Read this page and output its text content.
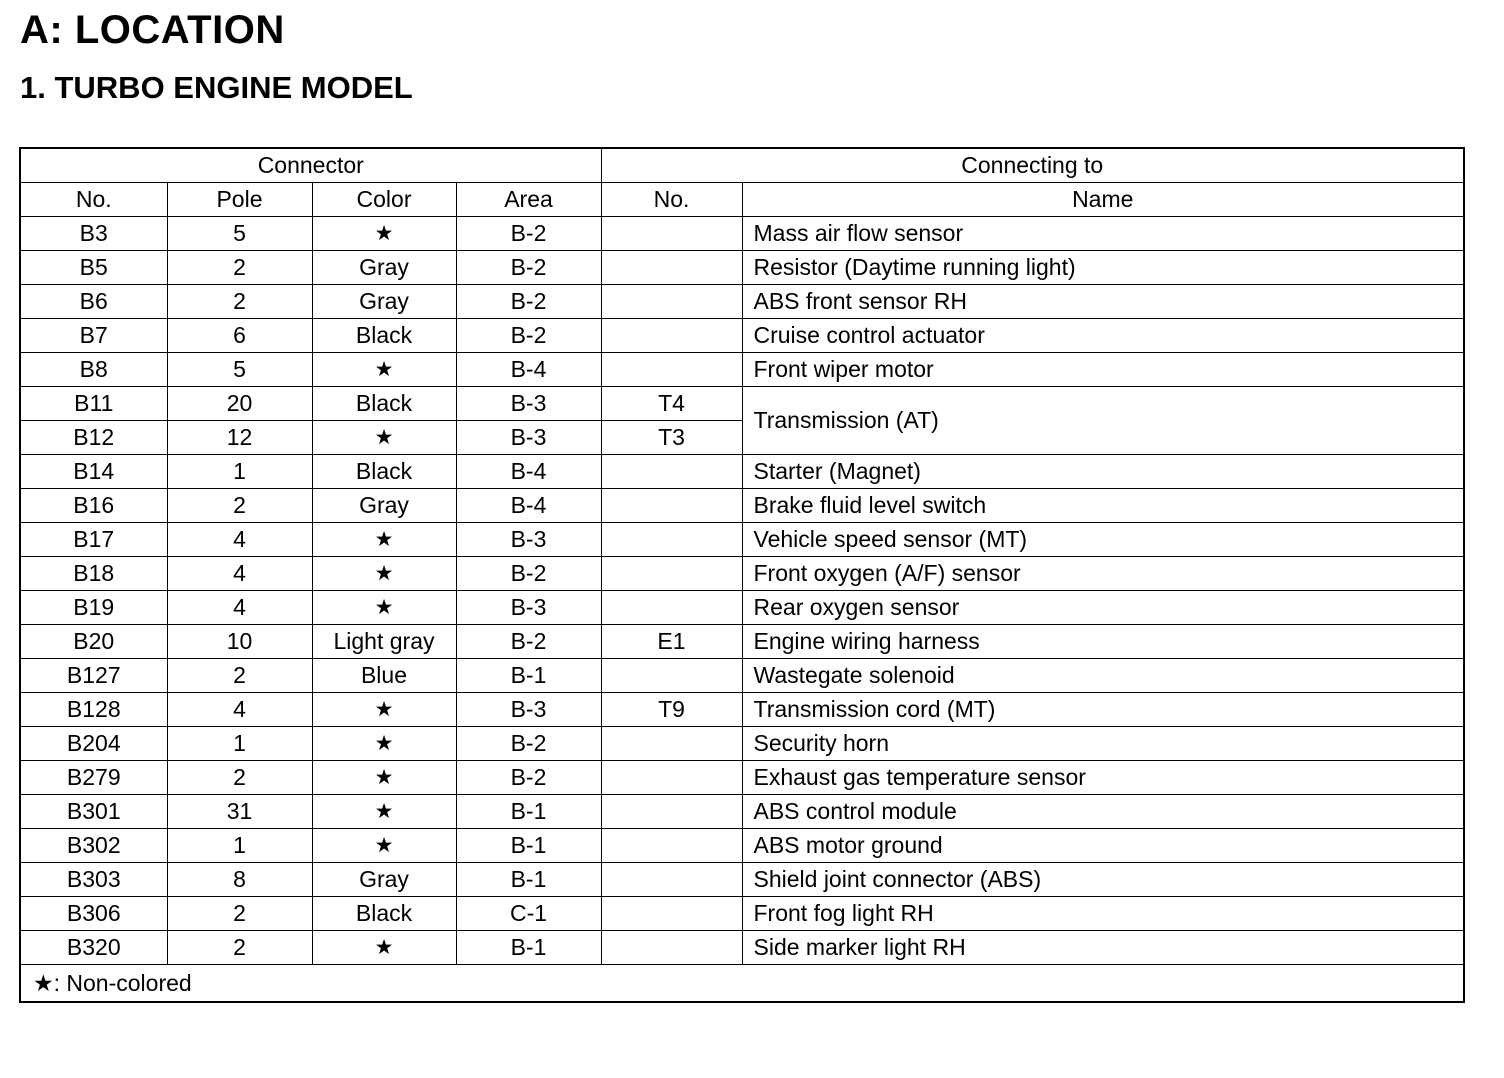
A: LOCATION
1. TURBO ENGINE MODEL
Connector				Connecting to	
No.	Pole	Color	Area	No.	Name
B3	5	★	B-2		Mass air flow sensor
B5	2	Gray	B-2		Resistor (Daytime running light)
B6	2	Gray	B-2		ABS front sensor RH
B7	6	Black	B-2		Cruise control actuator
B8	5	★	B-4		Front wiper motor
B11	20	Black	B-3	T4	Transmission (AT)
B12	12	★	B-3	T3	
B14	1	Black	B-4		Starter (Magnet)
B16	2	Gray	B-4		Brake fluid level switch
B17	4	★	B-3		Vehicle speed sensor (MT)
B18	4	★	B-2		Front oxygen (A/F) sensor
B19	4	★	B-3		Rear oxygen sensor
B20	10	Light gray	B-2	E1	Engine wiring harness
B127	2	Blue	B-1		Wastegate solenoid
B128	4	★	B-3	T9	Transmission cord (MT)
B204	1	★	B-2		Security horn
B279	2	★	B-2		Exhaust gas temperature sensor
B301	31	★	B-1		ABS control module
B302	1	★	B-1		ABS motor ground
B303	8	Gray	B-1		Shield joint connector (ABS)
B306	2	Black	C-1		Front fog light RH
B320	2	★	B-1		Side marker light RH
★: Non-colored					
